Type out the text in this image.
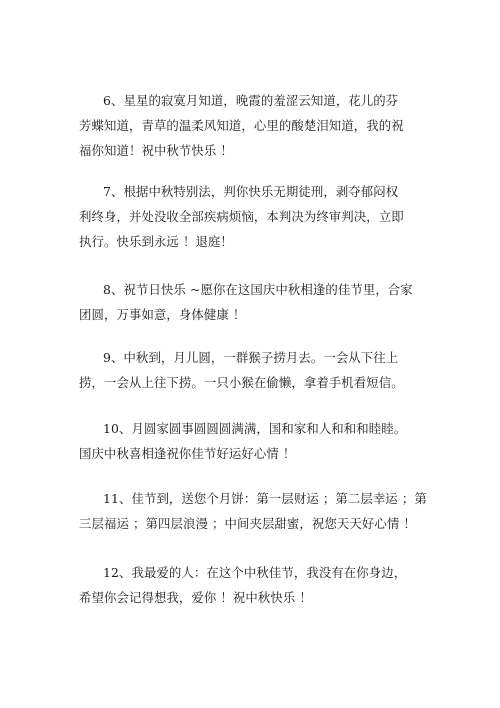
6、星星的寂寞月知道，晚霞的羞涩云知道，花儿的芬
芳蝶知道，青草的温柔风知道，心里的酸楚泪知道，我的祝
福你知道！祝中秋节快乐 ！
7、根据中秋特别法，判你快乐无期徒刑，剥夺郁闷权
利终身，并处没收全部疾病烦恼，本判决为终审判决，立即
执行。快乐到永远 ！退庭！
8、祝节日快乐 ~愿你在这国庆中秋相逢的佳节里，合家
团圆，万事如意，身体健康 ！
9、中秋到，月儿圆，一群猴子捞月去。一会从下往上
捞，一会从上往下捞。一只小猴在偷懒，拿着手机看短信。
10、月圆家圆事圆圆圆满满，国和家和人和和和睦睦。
国庆中秋喜相逢祝你佳节好运好心情 ！
11、佳节到，送您个月饼：第一层财运 ；第二层幸运 ；第
三层福运 ；第四层浪漫 ；中间夹层甜蜜，祝您天天好心情 ！
12、我最爱的人：在这个中秋佳节，我没有在你身边，
希望你会记得想我，爱你 ！祝中秋快乐 ！
